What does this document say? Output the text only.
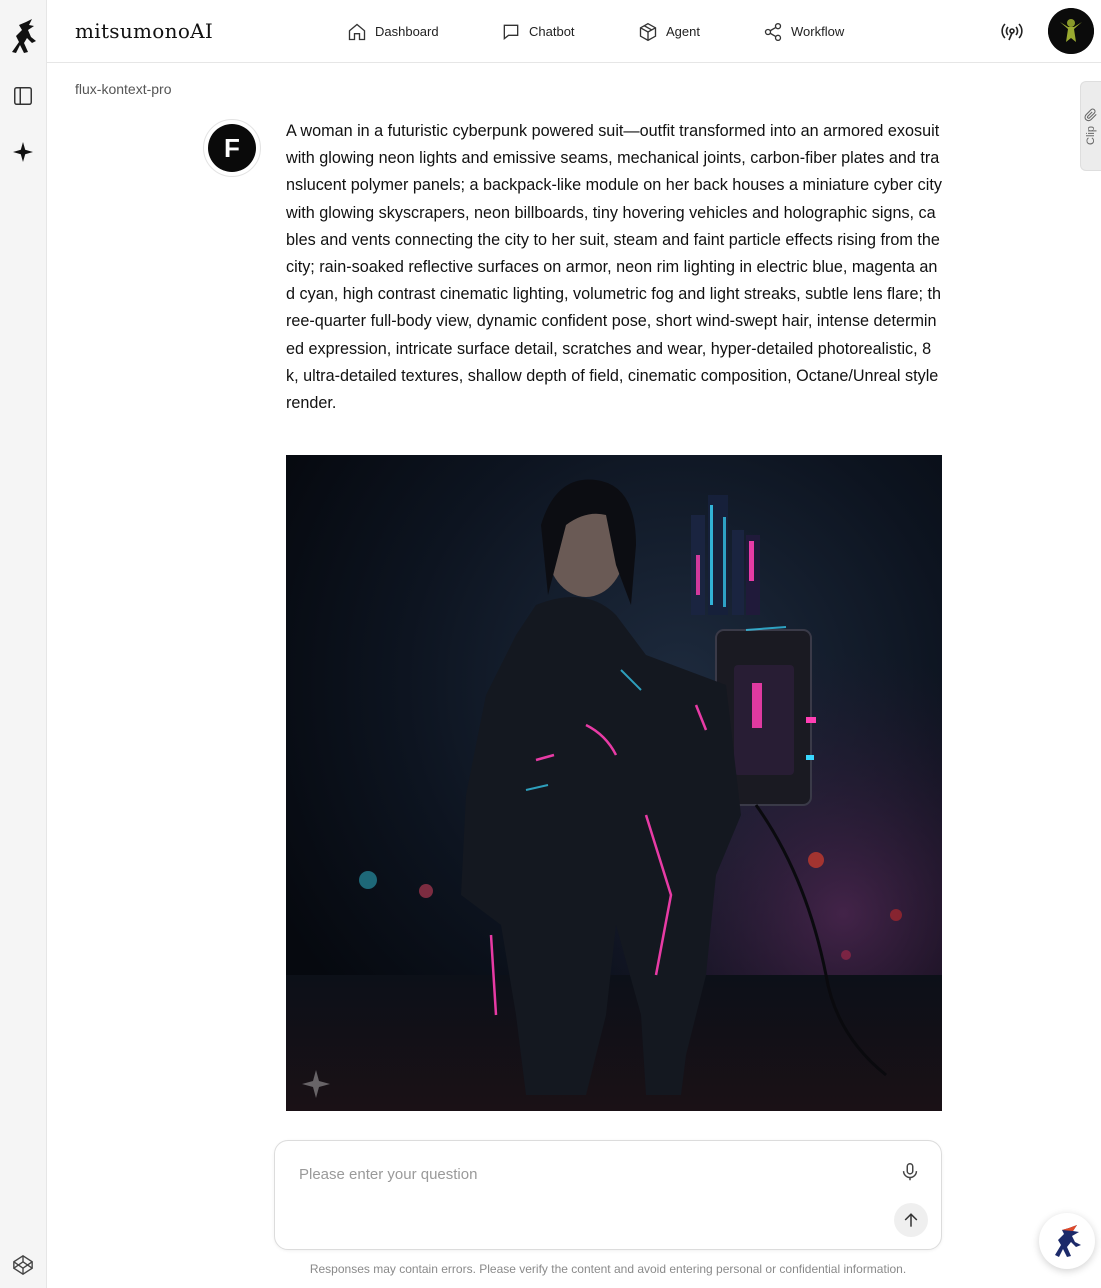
mitsumonoAI	Dashboard	Chatbot	Agent	Workflow
flux-kontext-pro
F
A woman in a futuristic cyberpunk powered suit—outfit transformed into an armored exosuit with glowing neon lights and emissive seams, mechanical joints, carbon-fiber plates and translucent polymer panels; a backpack-like module on her back houses a miniature cyber city with glowing skyscrapers, neon billboards, tiny hovering vehicles and holographic signs, cables and vents connecting the city to her suit, steam and faint particle effects rising from the city; rain-soaked reflective surfaces on armor, neon rim lighting in electric blue, magenta and cyan, high contrast cinematic lighting, volumetric fog and light streaks, subtle lens flare; three-quarter full-body view, dynamic confident pose, short wind-swept hair, intense determined expression, intricate surface detail, scratches and wear, hyper-detailed photorealistic, 8k, ultra-detailed textures, shallow depth of field, cinematic composition, Octane/Unreal style render.
Clip
Please enter your question
Responses may contain errors. Please verify the content and avoid entering personal or confidential information.
